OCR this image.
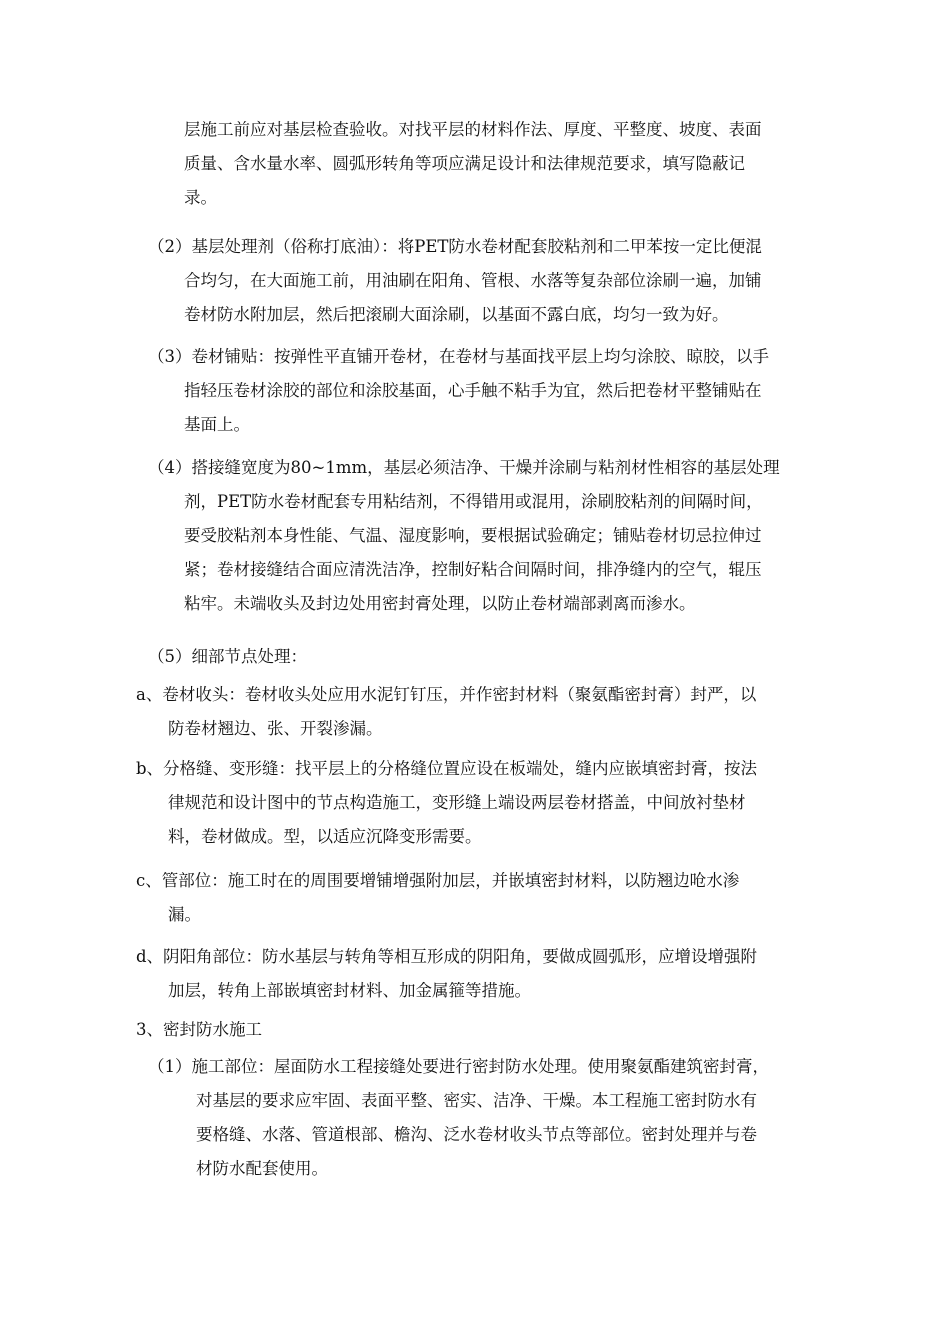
层施工前应对基层检查验收。对找平层的材料作法、厚度、平整度、坡度、表面
质量、含水量水率、圆弧形转角等项应满足设计和法律规范要求，填写隐蔽记
录。
（2）基层处理剂（俗称打底油）：将PET防水卷材配套胶粘剂和二甲苯按一定比便混
合均匀，在大面施工前，用油刷在阳角、管根、水落等复杂部位涂刷一遍，加铺
卷材防水附加层，然后把滚刷大面涂刷，以基面不露白底，均匀一致为好。
（3）卷材铺贴：按弹性平直铺开卷材，在卷材与基面找平层上均匀涂胶、晾胶，以手
指轻压卷材涂胶的部位和涂胶基面，心手触不粘手为宜，然后把卷材平整铺贴在
基面上。
（4）搭接缝宽度为80~1mm，基层必须洁净、干燥并涂刷与粘剂材性相容的基层处理
剂，PET防水卷材配套专用粘结剂，不得错用或混用，涂刷胶粘剂的间隔时间，
要受胶粘剂本身性能、气温、湿度影响，要根据试验确定；铺贴卷材切忌拉伸过
紧；卷材接缝结合面应清洗洁净，控制好粘合间隔时间，排净缝内的空气，辊压
粘牢。未端收头及封边处用密封膏处理，以防止卷材端部剥离而渗水。
（5）细部节点处理：
a、卷材收头：卷材收头处应用水泥钉钉压，并作密封材料（聚氨酯密封膏）封严，以
防卷材翘边、张、开裂渗漏。
b、分格缝、变形缝：找平层上的分格缝位置应设在板端处，缝内应嵌填密封膏，按法
律规范和设计图中的节点构造施工，变形缝上端设两层卷材搭盖，中间放衬垫材
料，卷材做成。型，以适应沉降变形需要。
c、管部位：施工时在的周围要增铺增强附加层，并嵌填密封材料，以防翘边呛水渗
漏。
d、阴阳角部位：防水基层与转角等相互形成的阴阳角，要做成圆弧形，应增设增强附
加层，转角上部嵌填密封材料、加金属箍等措施。
3、密封防水施工
（1）施工部位：屋面防水工程接缝处要进行密封防水处理。使用聚氨酯建筑密封膏，
对基层的要求应牢固、表面平整、密实、洁净、干燥。本工程施工密封防水有
要格缝、水落、管道根部、檐沟、泛水卷材收头节点等部位。密封处理并与卷
材防水配套使用。
